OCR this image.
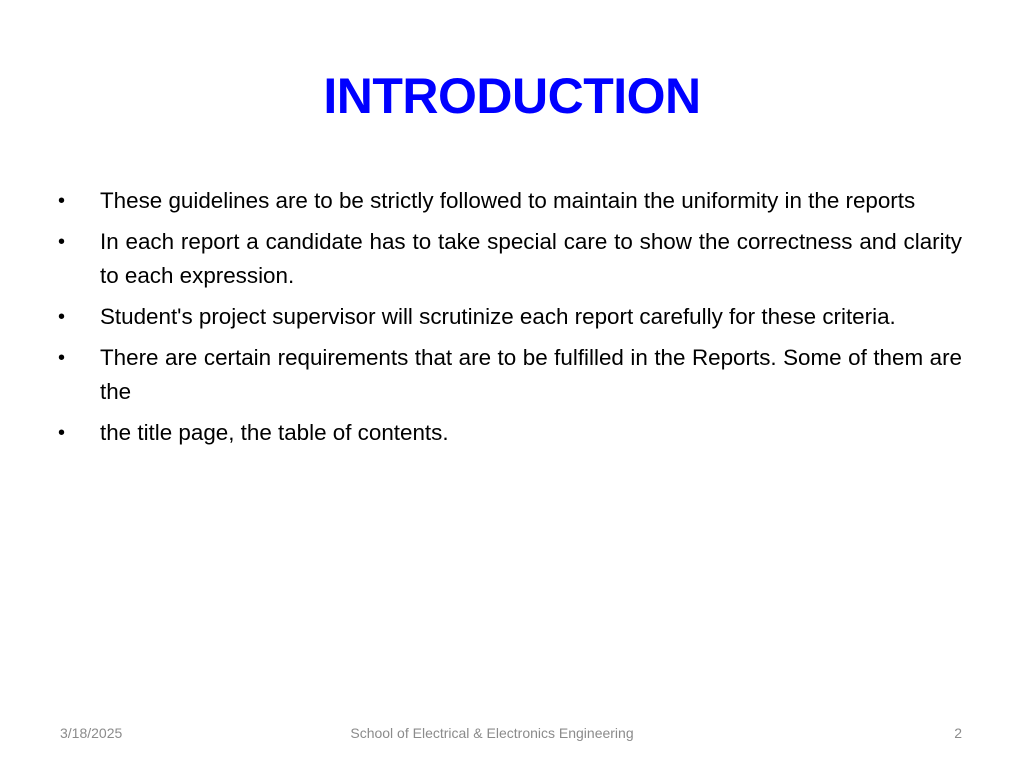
INTRODUCTION
•	These guidelines are to be strictly followed to maintain the uniformity in the reports
•	In each report a candidate has to take special care to show the correctness and clarity to each expression.
•	Student's project supervisor will scrutinize each report carefully for these criteria.
•	There are certain requirements that are to be fulfilled in the Reports. Some of them are the
•	the title page, the table of contents.
3/18/2025	School of Electrical & Electronics Engineering	2
